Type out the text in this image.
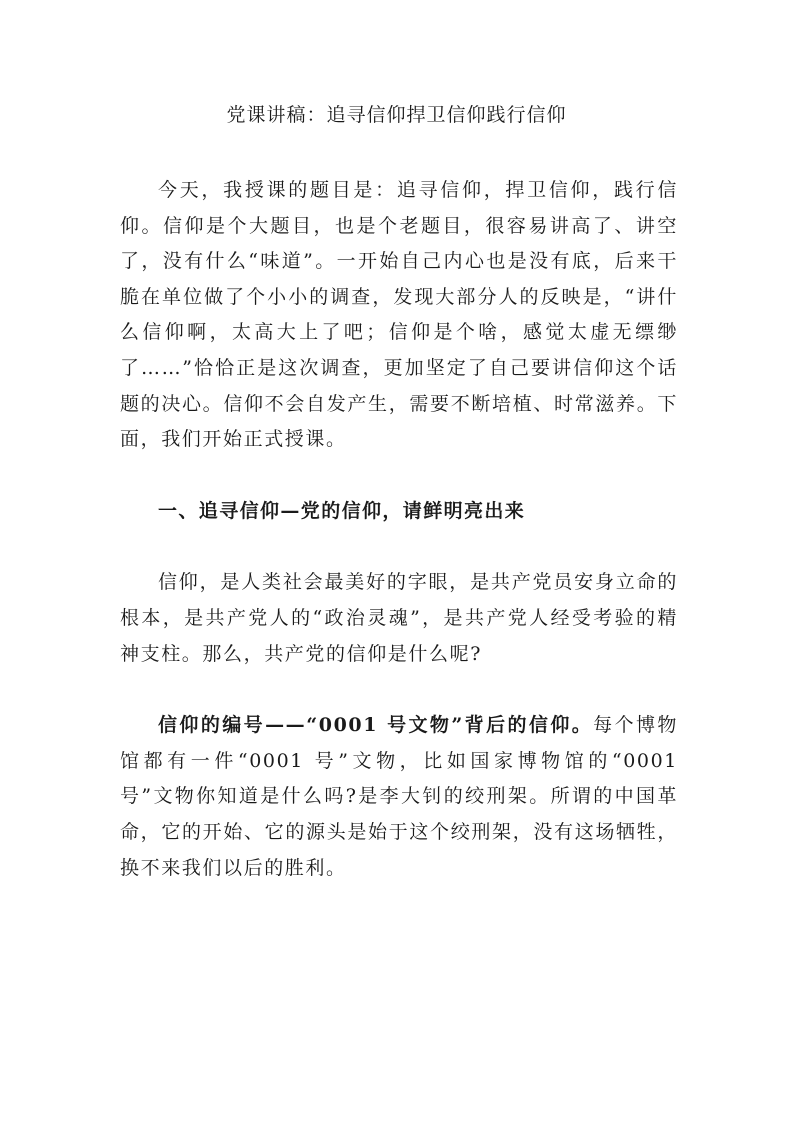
党课讲稿：追寻信仰捍卫信仰践行信仰

今天，我授课的题目是：追寻信仰，捍卫信仰，践行信仰。信仰是个大题目，也是个老题目，很容易讲高了、讲空了，没有什么“味道”。一开始自己内心也是没有底，后来干脆在单位做了个小小的调查，发现大部分人的反映是，“讲什么信仰啊，太高大上了吧；信仰是个啥，感觉太虚无缥缈了……”恰恰正是这次调查，更加坚定了自己要讲信仰这个话题的决心。信仰不会自发产生，需要不断培植、时常滋养。下面，我们开始正式授课。

一、追寻信仰—党的信仰，请鲜明亮出来

信仰，是人类社会最美好的字眼，是共产党员安身立命的根本，是共产党人的“政治灵魂”，是共产党人经受考验的精神支柱。那么，共产党的信仰是什么呢?

信仰的编号——“0001 号文物”背后的信仰。每个博物馆都有一件“0001 号”文物，比如国家博物馆的“0001 号”文物你知道是什么吗?是李大钊的绞刑架。所谓的中国革命，它的开始、它的源头是始于这个绞刑架，没有这场牺牲，换不来我们以后的胜利。
